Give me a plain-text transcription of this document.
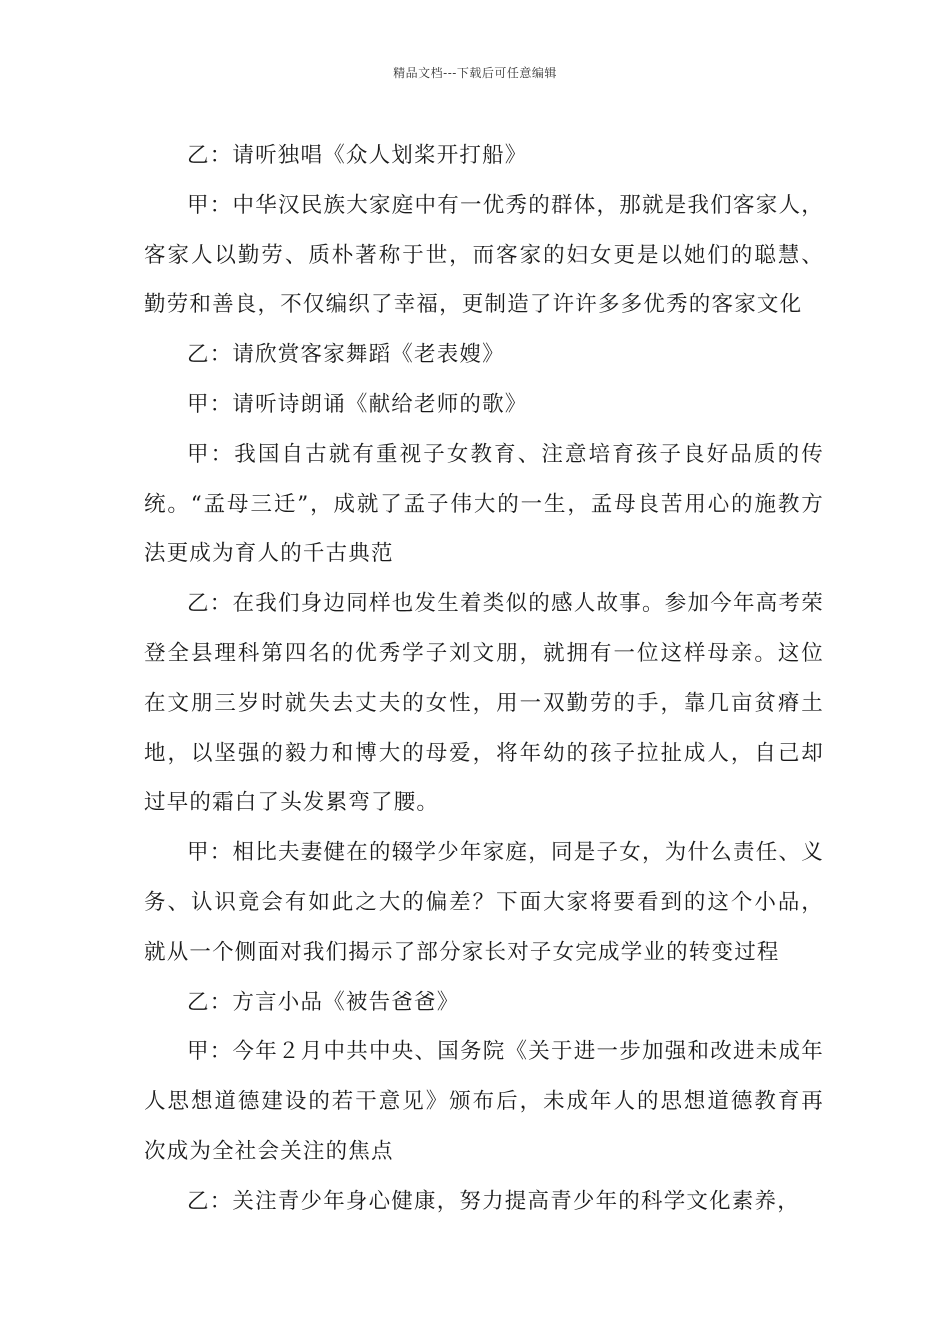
精品文档---下载后可任意编辑

乙：请听独唱《众人划桨开打船》

甲：中华汉民族大家庭中有一优秀的群体，那就是我们客家人，客家人以勤劳、质朴著称于世，而客家的妇女更是以她们的聪慧、勤劳和善良，不仅编织了幸福，更制造了许许多多优秀的客家文化

乙：请欣赏客家舞蹈《老表嫂》

甲：请听诗朗诵《献给老师的歌》

甲：我国自古就有重视子女教育、注意培育孩子良好品质的传统。“孟母三迁”，成就了孟子伟大的一生，孟母良苦用心的施教方法更成为育人的千古典范

乙：在我们身边同样也发生着类似的感人故事。参加今年高考荣登全县理科第四名的优秀学子刘文朋，就拥有一位这样母亲。这位在文朋三岁时就失去丈夫的女性，用一双勤劳的手，靠几亩贫瘠土地，以坚强的毅力和博大的母爱，将年幼的孩子拉扯成人，自己却过早的霜白了头发累弯了腰。

甲：相比夫妻健在的辍学少年家庭，同是子女，为什么责任、义务、认识竟会有如此之大的偏差？下面大家将要看到的这个小品，就从一个侧面对我们揭示了部分家长对子女完成学业的转变过程

乙：方言小品《被告爸爸》

甲：今年２月中共中央、国务院《关于进一步加强和改进未成年人思想道德建设的若干意见》颁布后，未成年人的思想道德教育再次成为全社会关注的焦点

乙：关注青少年身心健康，努力提高青少年的科学文化素养，
